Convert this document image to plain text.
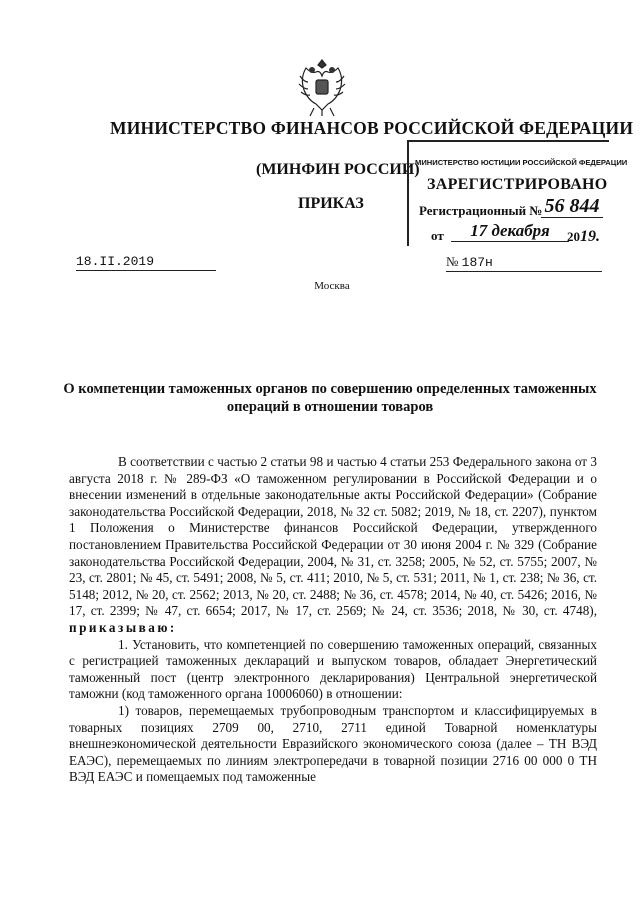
МИНИСТЕРСТВО ФИНАНСОВ РОССИЙСКОЙ ФЕДЕРАЦИИ
(МИНФИН РОССИИ)
ПРИКАЗ
МИНИСТЕРСТВО ЮСТИЦИИ РОССИЙСКОЙ ФЕДЕРАЦИИ
ЗАРЕГИСТРИРОВАНО
Регистрационный № 56 844
от	17 декабря	2019.
18.II.2019	№ 187н
Москва
О компетенции таможенных органов по совершению определенных таможенных операций в отношении товаров

В соответствии с частью 2 статьи 98 и частью 4 статьи 253 Федерального закона от 3 августа 2018 г. № 289-ФЗ «О таможенном регулировании в Российской Федерации и о внесении изменений в отдельные законодательные акты Российской Федерации» (Собрание законодательства Российской Федерации, 2018, № 32 ст. 5082; 2019, № 18, ст. 2207), пунктом 1 Положения о Министерстве финансов Российской Федерации, утвержденного постановлением Правительства Российской Федерации от 30 июня 2004 г. № 329 (Собрание законодательства Российской Федерации, 2004, № 31, ст. 3258; 2005, № 52, ст. 5755; 2007, № 23, ст. 2801; № 45, ст. 5491; 2008, № 5, ст. 411; 2010, № 5, ст. 531; 2011, № 1, ст. 238; № 36, ст. 5148; 2012, № 20, ст. 2562; 2013, № 20, ст. 2488; № 36, ст. 4578; 2014, № 40, ст. 5426; 2016, № 17, ст. 2399; № 47, ст. 6654; 2017, № 17, ст. 2569; № 24, ст. 3536; 2018, № 30, ст. 4748), приказываю:

1. Установить, что компетенцией по совершению таможенных операций, связанных с регистрацией таможенных деклараций и выпуском товаров, обладает Энергетический таможенный пост (центр электронного декларирования) Центральной энергетической таможни (код таможенного органа 10006060) в отношении:

1) товаров, перемещаемых трубопроводным транспортом и классифицируемых в товарных позициях 2709 00, 2710, 2711 единой Товарной номенклатуры внешнеэкономической деятельности Евразийского экономического союза (далее – ТН ВЭД ЕАЭС), перемещаемых по линиям электропередачи в товарной позиции 2716 00 000 0 ТН ВЭД ЕАЭС и помещаемых под таможенные
